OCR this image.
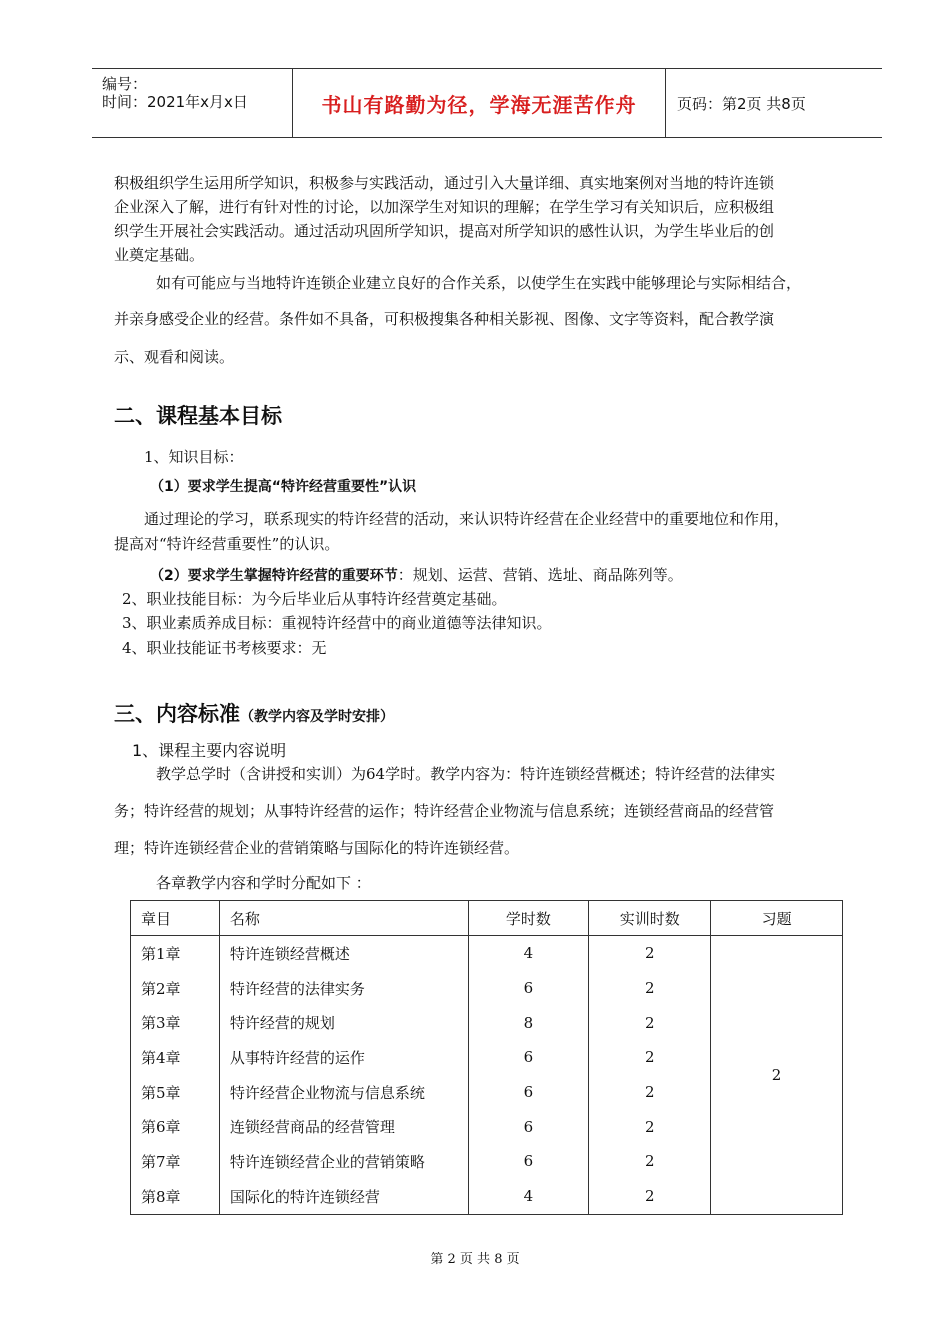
编号：
时间：2021年x月x日	书山有路勤为径，学海无涯苦作舟	页码：第2页 共8页
积极组织学生运用所学知识，积极参与实践活动，通过引入大量详细、真实地案例对当地的特许连锁
企业深入了解，进行有针对性的讨论，以加深学生对知识的理解；在学生学习有关知识后，应积极组
织学生开展社会实践活动。通过活动巩固所学知识，提高对所学知识的感性认识，为学生毕业后的创
业奠定基础。
如有可能应与当地特许连锁企业建立良好的合作关系，以使学生在实践中能够理论与实际相结合，
并亲身感受企业的经营。条件如不具备，可积极搜集各种相关影视、图像、文字等资料，配合教学演
示、观看和阅读。
二、课程基本目标
1、知识目标：
（1）要求学生提高“特许经营重要性”认识
通过理论的学习，联系现实的特许经营的活动，来认识特许经营在企业经营中的重要地位和作用，
提高对“特许经营重要性”的认识。
（2）要求学生掌握特许经营的重要环节：规划、运营、营销、选址、商品陈列等。
2、职业技能目标：为今后毕业后从事特许经营奠定基础。
3、职业素质养成目标：重视特许经营中的商业道德等法律知识。
4、职业技能证书考核要求：无
三、内容标准（教学内容及学时安排）
1、课程主要内容说明
教学总学时（含讲授和实训）为64学时。教学内容为：特许连锁经营概述；特许经营的法律实
务；特许经营的规划；从事特许经营的运作；特许经营企业物流与信息系统；连锁经营商品的经营管
理；特许连锁经营企业的营销策略与国际化的特许连锁经营。
各章教学内容和学时分配如下 ：
章目	名称	学时数	实训时数	习题
第1章	特许连锁经营概述	4	2	2
第2章	特许经营的法律实务	6	2	
第3章	特许经营的规划	8	2	
第4章	从事特许经营的运作	6	2	
第5章	特许经营企业物流与信息系统	6	2	
第6章	连锁经营商品的经营管理	6	2	
第7章	特许连锁经营企业的营销策略	6	2	
第8章	国际化的特许连锁经营	4	2	
第 2 页 共 8 页
